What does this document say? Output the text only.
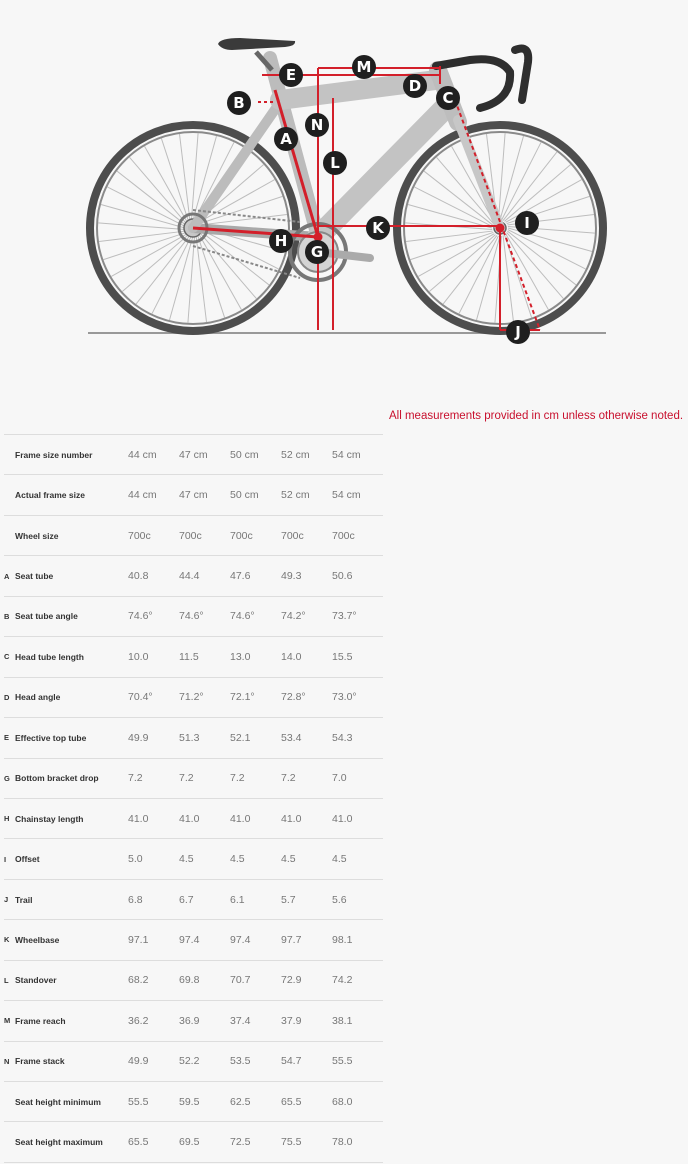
A
B	C
D
E
G
H
I
J
K
L
M
N
All measurements provided in cm unless otherwise noted.
	Frame size number	44 cm	47 cm	50 cm	52 cm	54 cm
	Actual frame size	44 cm	47 cm	50 cm	52 cm	54 cm
	Wheel size	700c	700c	700c	700c	700c
A	Seat tube	40.8	44.4	47.6	49.3	50.6
B	Seat tube angle	74.6°	74.6°	74.6°	74.2°	73.7°
C	Head tube length	10.0	11.5	13.0	14.0	15.5
D	Head angle	70.4°	71.2°	72.1°	72.8°	73.0°
E	Effective top tube	49.9	51.3	52.1	53.4	54.3
G	Bottom bracket drop	7.2	7.2	7.2	7.2	7.0
H	Chainstay length	41.0	41.0	41.0	41.0	41.0
I	Offset	5.0	4.5	4.5	4.5	4.5
J	Trail	6.8	6.7	6.1	5.7	5.6
K	Wheelbase	97.1	97.4	97.4	97.7	98.1
L	Standover	68.2	69.8	70.7	72.9	74.2
M	Frame reach	36.2	36.9	37.4	37.9	38.1
N	Frame stack	49.9	52.2	53.5	54.7	55.5
	Seat height minimum	55.5	59.5	62.5	65.5	68.0
	Seat height maximum	65.5	69.5	72.5	75.5	78.0
